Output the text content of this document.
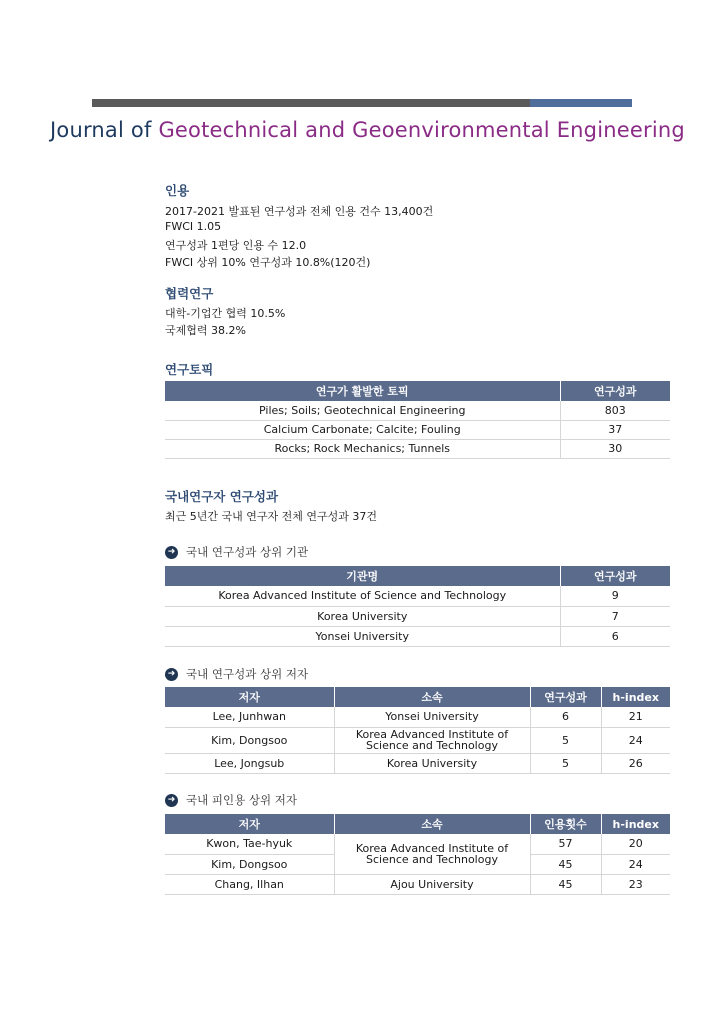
Journal of Geotechnical and Geoenvironmental Engineering
인용
2017-2021 발표된 연구성과 전체 인용 건수 13,400건
FWCI 1.05
연구성과 1편당 인용 수 12.0
FWCI 상위 10% 연구성과 10.8%(120건)
협력연구
대학-기업간 협력 10.5%
국제협력 38.2%
연구토픽
연구가 활발한 토픽	연구성과
Piles; Soils; Geotechnical Engineering	803
Calcium Carbonate; Calcite; Fouling	37
Rocks; Rock Mechanics; Tunnels	30
국내연구자 연구성과
최근 5년간 국내 연구자 전체 연구성과 37건
➜ 국내 연구성과 상위 기관
기관명	연구성과
Korea Advanced Institute of Science and Technology	9
Korea University	7
Yonsei University	6
➜ 국내 연구성과 상위 저자
저자	소속	연구성과	h-index
Lee, Junhwan	Yonsei University	6	21
Kim, Dongsoo	Korea Advanced Institute of
Science and Technology	5	24
Lee, Jongsub	Korea University	5	26
➜ 국내 피인용 상위 저자
저자	소속	인용횟수	h-index
Kwon, Tae-hyuk	Korea Advanced Institute of
Science and Technology	57	20
Kim, Dongsoo		45	24
Chang, Ilhan	Ajou University	45	23
